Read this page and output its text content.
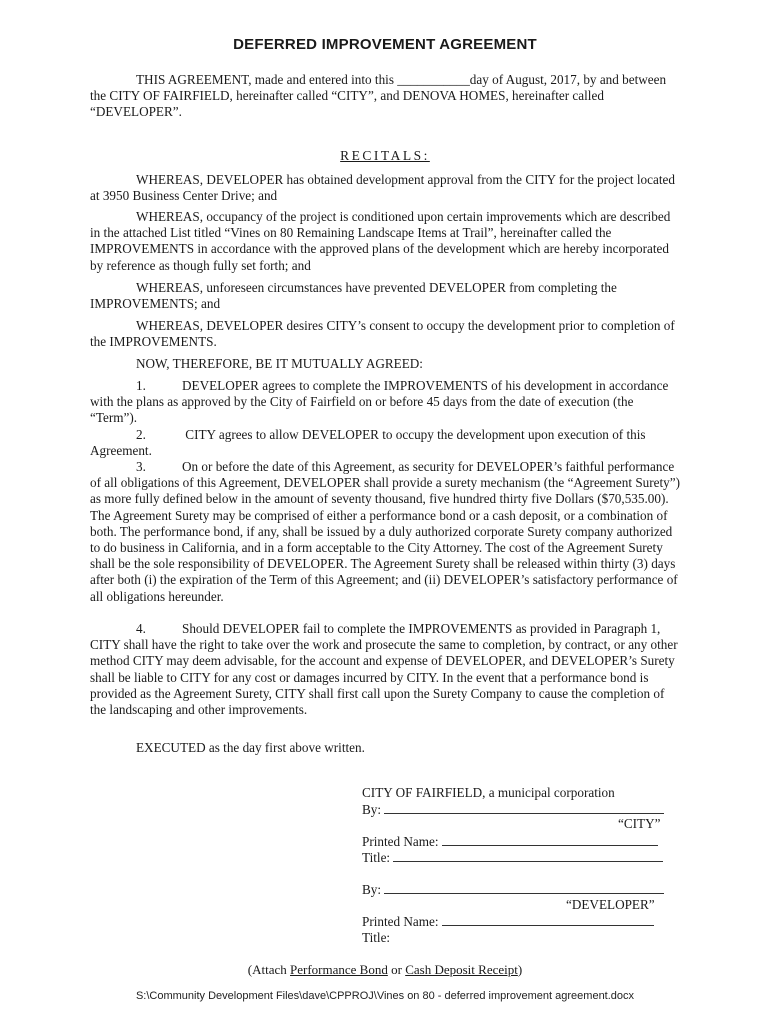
DEFERRED IMPROVEMENT AGREEMENT
THIS AGREEMENT, made and entered into this ___________day of August, 2017, by and between the CITY OF FAIRFIELD, hereinafter called “CITY”, and DENOVA HOMES, hereinafter called “DEVELOPER”.
RECITALS:
WHEREAS, DEVELOPER has obtained development approval from the CITY for the project located at 3950 Business Center Drive; and
WHEREAS, occupancy of the project is conditioned upon certain improvements which are described in the attached List titled “Vines on 80 Remaining Landscape Items at Trail”, hereinafter called the IMPROVEMENTS in accordance with the approved plans of the development which are hereby incorporated by reference as though fully set forth; and
WHEREAS, unforeseen circumstances have prevented DEVELOPER from completing the IMPROVEMENTS; and
WHEREAS, DEVELOPER desires CITY’s consent to occupy the development prior to completion of the IMPROVEMENTS.
NOW, THEREFORE, BE IT MUTUALLY AGREED:
1.	DEVELOPER agrees to complete the IMPROVEMENTS of his development in accordance with the plans as approved by the City of Fairfield on or before 45 days from the date of execution (the “Term”).
2.	CITY agrees to allow DEVELOPER to occupy the development upon execution of this Agreement.
3.	On or before the date of this Agreement, as security for DEVELOPER’s faithful performance of all obligations of this Agreement, DEVELOPER shall provide a surety mechanism (the “Agreement Surety”) as more fully defined below in the amount of seventy thousand, five hundred thirty five Dollars ($70,535.00). The Agreement Surety may be comprised of either a performance bond or a cash deposit, or a combination of both. The performance bond, if any, shall be issued by a duly authorized corporate Surety company authorized to do business in California, and in a form acceptable to the City Attorney. The cost of the Agreement Surety shall be the sole responsibility of DEVELOPER. The Agreement Surety shall be released within thirty (3) days after both (i) the expiration of the Term of this Agreement; and (ii) DEVELOPER’s satisfactory performance of all obligations hereunder.
4.	Should DEVELOPER fail to complete the IMPROVEMENTS as provided in Paragraph 1, CITY shall have the right to take over the work and prosecute the same to completion, by contract, or any other method CITY may deem advisable, for the account and expense of DEVELOPER, and DEVELOPER’s Surety shall be liable to CITY for any cost or damages incurred by CITY. In the event that a performance bond is provided as the Agreement Surety, CITY shall first call upon the Surety Company to cause the completion of the landscaping and other improvements.
EXECUTED as the day first above written.
CITY OF FAIRFIELD, a municipal corporation
By:
“CITY”
Printed Name:
Title:
By:
“DEVELOPER”
Printed Name:
Title:
(Attach Performance Bond or Cash Deposit Receipt)
S:\Community Development Files\dave\CPPROJ\Vines on 80 - deferred improvement agreement.docx
